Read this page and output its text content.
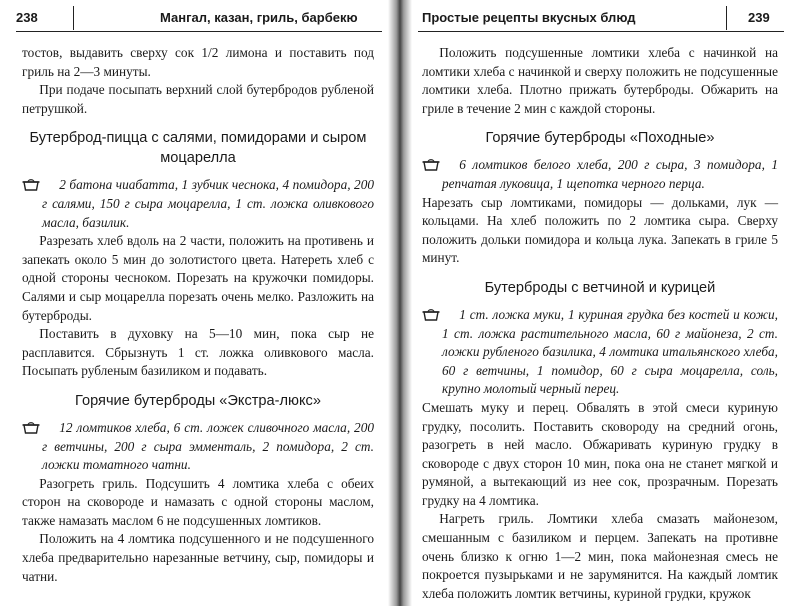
238	Мангал, казан, гриль, барбекю

тостов, выдавить сверху сок 1/2 лимона и поставить под гриль на 2—3 минуты.

При подаче посыпать верхний слой бутербродов рубленой петрушкой.

Бутерброд-пицца с салями, помидорами и сыром моцарелла

2 батона чиабатта, 1 зубчик чеснока, 4 помидора, 200 г салями, 150 г сыра моцарелла, 1 ст. ложка оливкового масла, базилик.

Разрезать хлеб вдоль на 2 части, положить на противень и запекать около 5 мин до золотистого цвета. Натереть хлеб с одной стороны чесноком. Порезать на кружочки помидоры. Салями и сыр моцарелла порезать очень мелко. Разложить на бутерброды.

Поставить в духовку на 5—10 мин, пока сыр не расплавится. Сбрызнуть 1 ст. ложка оливкового масла. Посыпать рубленым базиликом и подавать.

Горячие бутерброды «Экстра-люкс»

12 ломтиков хлеба, 6 ст. ложек сливочного масла, 200 г ветчины, 200 г сыра эмменталь, 2 помидора, 2 ст. ложки томатного чатни.

Разогреть гриль. Подсушить 4 ломтика хлеба с обеих сторон на сковороде и намазать с одной стороны маслом, также намазать маслом 6 не подсушенных ломтиков.

Положить на 4 ломтика подсушенного и не подсушенного хлеба предварительно нарезанные ветчину, сыр, помидоры и чатни.

Простые рецепты вкусных блюд	239

Положить подсушенные ломтики хлеба с начинкой на ломтики хлеба с начинкой и сверху положить не подсушенные ломтики хлеба. Плотно прижать бутерброды. Обжарить на гриле в течение 2 мин с каждой стороны.

Горячие бутерброды «Походные»

6 ломтиков белого хлеба, 200 г сыра, 3 помидора, 1 репчатая луковица, 1 щепотка черного перца.

Нарезать сыр ломтиками, помидоры — дольками, лук — кольцами. На хлеб положить по 2 ломтика сыра. Сверху положить дольки помидора и кольца лука. Запекать в гриле 5 минут.

Бутерброды с ветчиной и курицей

1 ст. ложка муки, 1 куриная грудка без костей и кожи, 1 ст. ложка растительного масла, 60 г майонеза, 2 ст. ложки рубленого базилика, 4 ломтика итальянского хлеба, 60 г ветчины, 1 помидор, 60 г сыра моцарелла, соль, крупно молотый черный перец.

Смешать муку и перец. Обвалять в этой смеси куриную грудку, посолить. Поставить сковороду на средний огонь, разогреть в ней масло. Обжаривать куриную грудку в сковороде с двух сторон 10 мин, пока она не станет мягкой и румяной, а вытекающий из нее сок, прозрачным. Порезать грудку на 4 ломтика.

Нагреть гриль. Ломтики хлеба смазать майонезом, смешанным с базиликом и перцем. Запекать на противне очень близко к огню 1—2 мин, пока майонезная смесь не покроется пузырьками и не зарумянится. На каждый ломтик хлеба положить ломтик ветчины, куриной грудки, кружок
